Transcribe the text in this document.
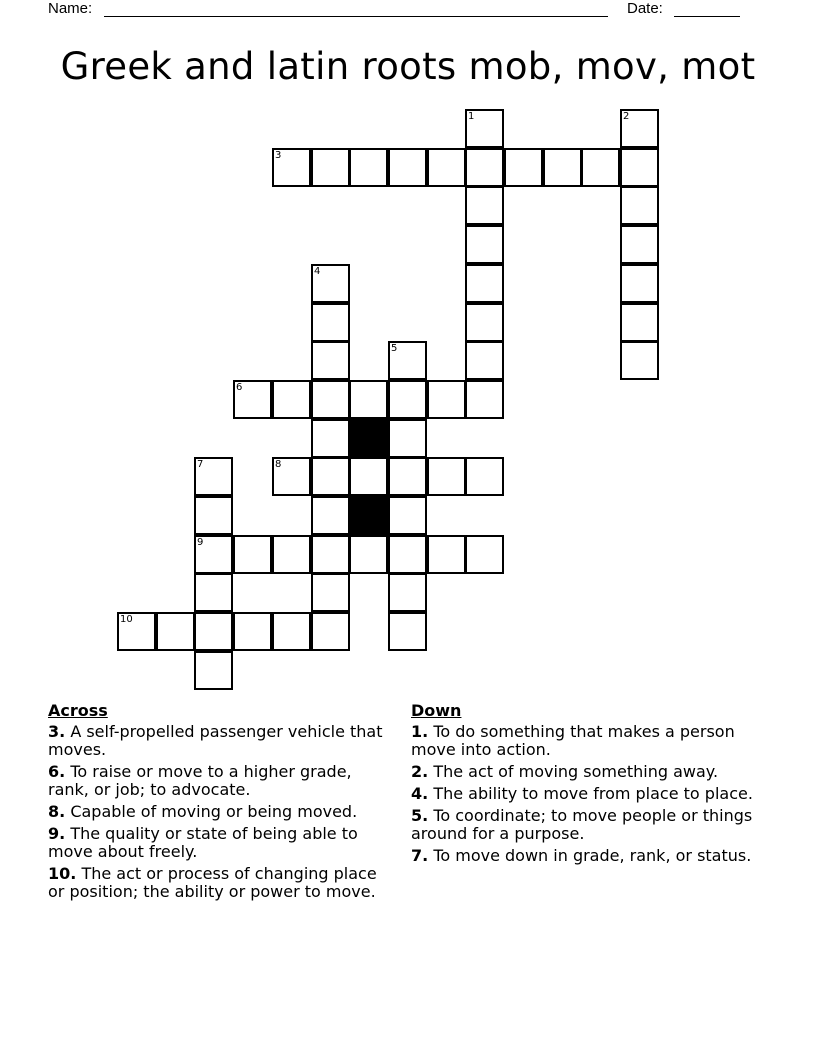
Name:	Date:
Greek and latin roots mob, mov, mot
1	2
3
4
5
6
7	8
9
10
Across
3. A self-propelled passenger vehicle that moves.
6. To raise or move to a higher grade, rank, or job; to advocate.
8. Capable of moving or being moved.
9. The quality or state of being able to move about freely.
10. The act or process of changing place or position; the ability or power to move.
Down
1. To do something that makes a person move into action.
2. The act of moving something away.
4. The ability to move from place to place.
5. To coordinate; to move people or things around for a purpose.
7. To move down in grade, rank, or status.
